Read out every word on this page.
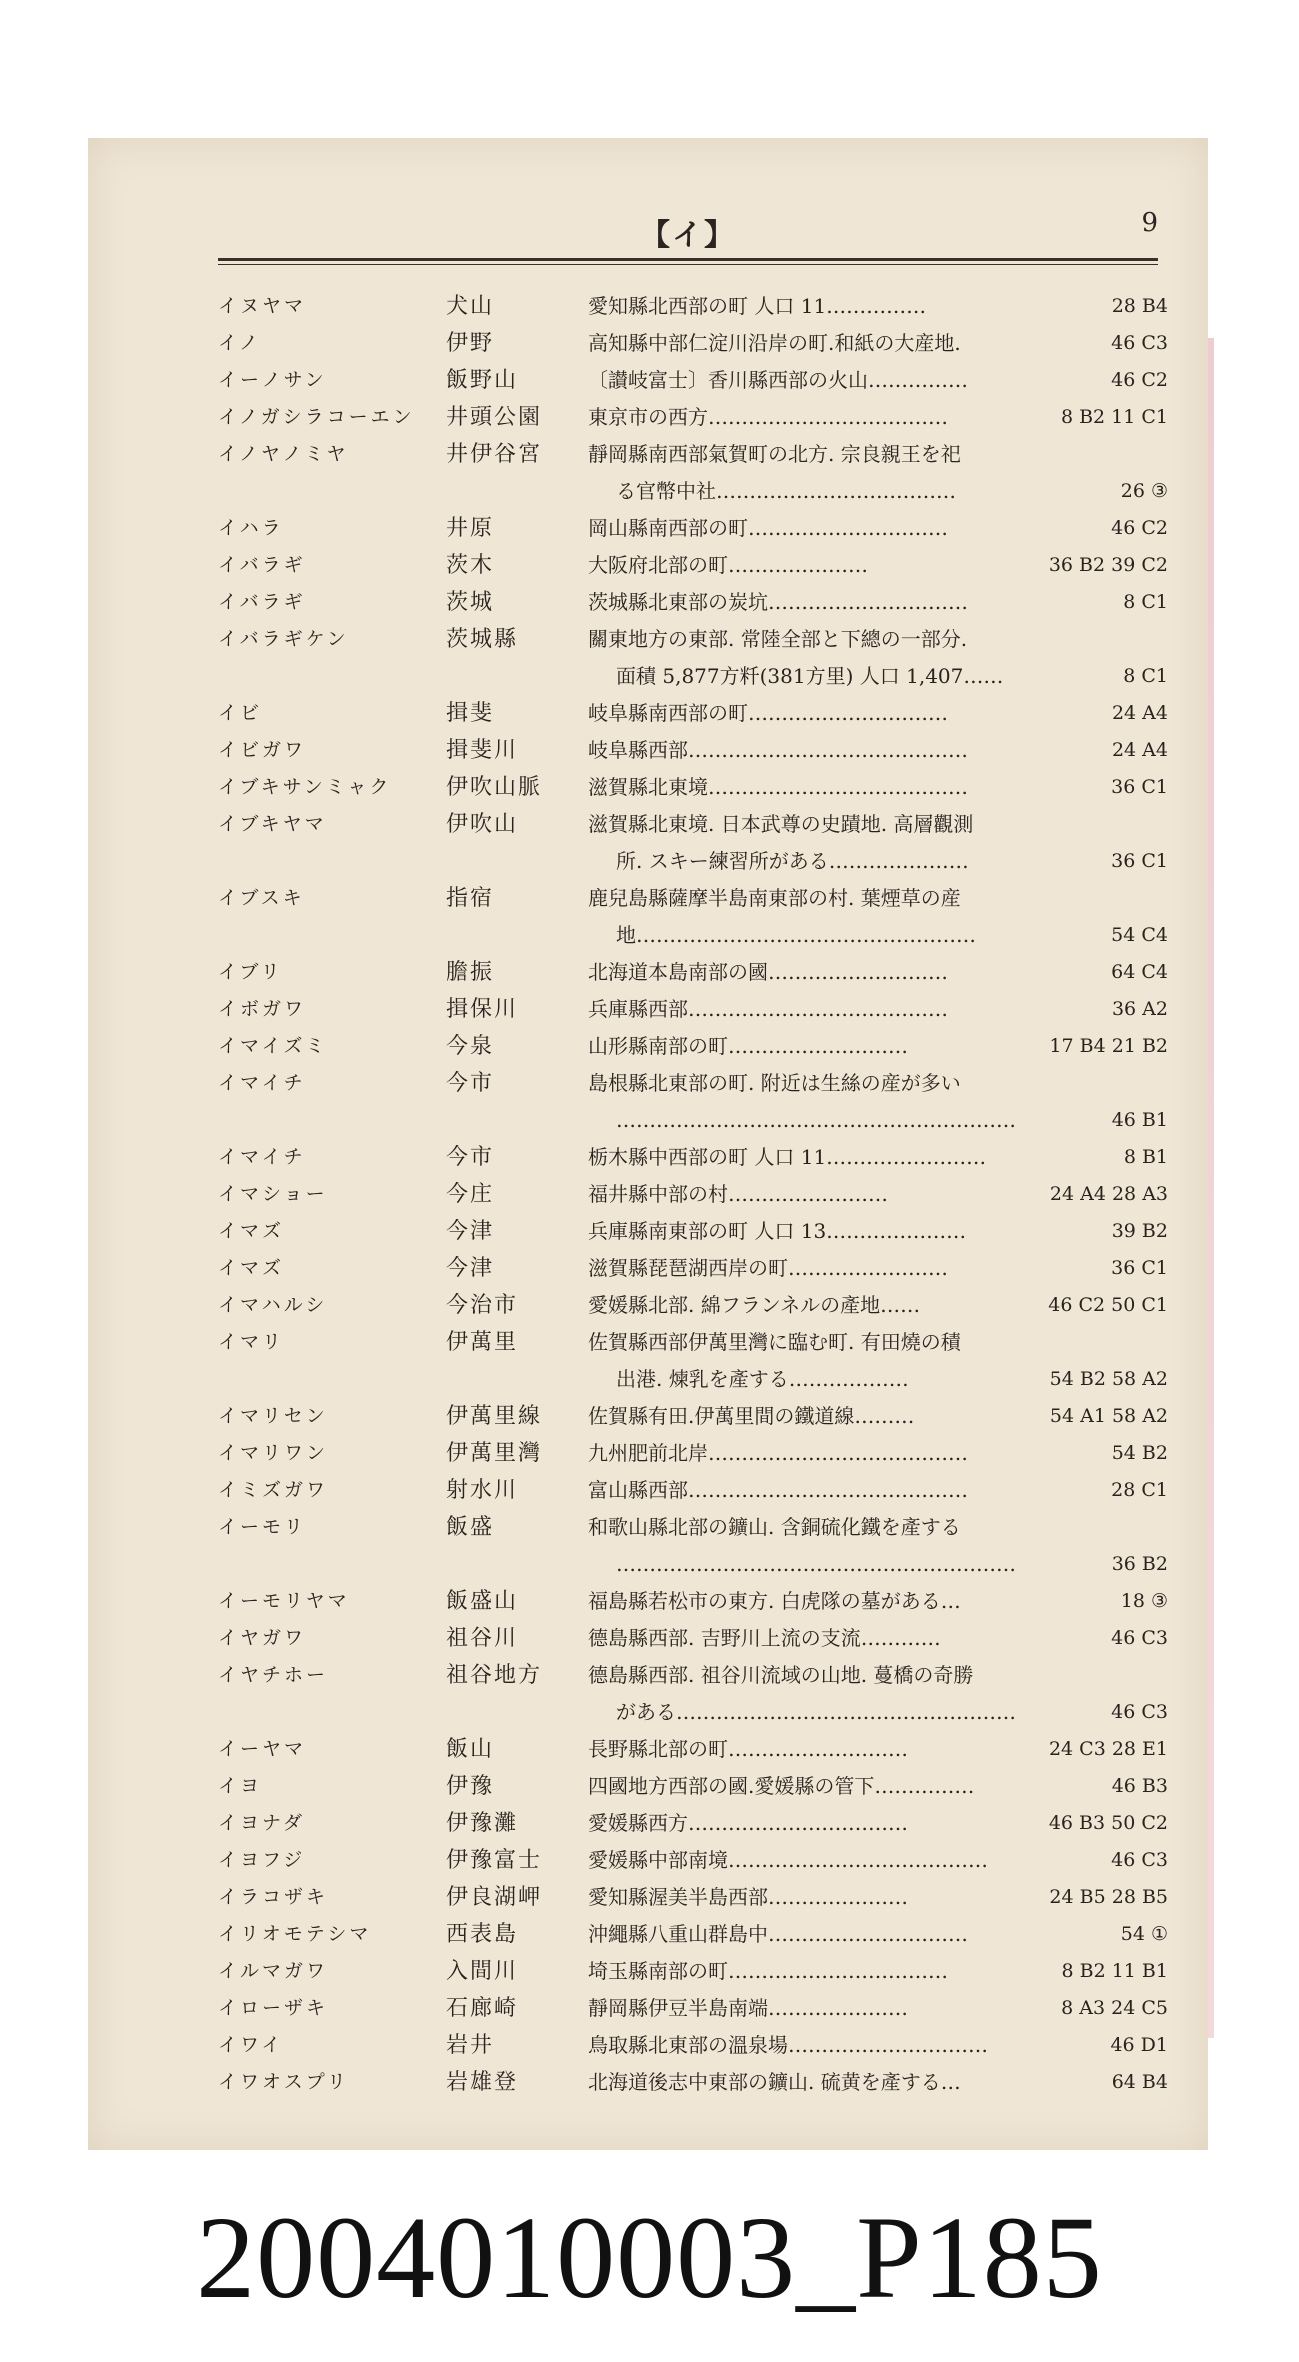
【イ】	9
イヌヤマ	犬山	愛知縣北西部の町 人口 11……………	28 B4
イノ	伊野	高知縣中部仁淀川沿岸の町.和紙の大産地.	46 C3
イーノサン	飯野山	〔讃岐富士〕香川縣西部の火山……………	46 C2
イノガシラコーエン	井頭公園	東京市の西方………………………………	8 B2 11 C1
イノヤノミヤ	井伊谷宮	靜岡縣南西部氣賀町の北方. 宗良親王を祀
る官幣中社………………………………	26 ③
イハラ	井原	岡山縣南西部の町…………………………	46 C2
イバラギ	茨木	大阪府北部の町…………………	36 B2 39 C2
イバラギ	茨城	茨城縣北東部の炭坑…………………………	8 C1
イバラギケン	茨城縣	關東地方の東部. 常陸全部と下總の一部分.
面積 5,877方粁(381方里) 人口 1,407……	8 C1
イビ	揖斐	岐阜縣南西部の町…………………………	24 A4
イビガワ	揖斐川	岐阜縣西部……………………………………	24 A4
イブキサンミャク	伊吹山脈	滋賀縣北東境…………………………………	36 C1
イブキヤマ	伊吹山	滋賀縣北東境. 日本武尊の史蹟地. 高層觀測
所. スキー練習所がある…………………	36 C1
イブスキ	指宿	鹿兒島縣薩摩半島南東部の村. 葉煙草の産
地……………………………………………	54 C4
イブリ	膽振	北海道本島南部の國………………………	64 C4
イボガワ	揖保川	兵庫縣西部…………………………………	36 A2
イマイズミ	今泉	山形縣南部の町………………………	17 B4 21 B2
イマイチ	今市	島根縣北東部の町. 附近は生絲の産が多い
……………………………………………………	46 B1
イマイチ	今市	栃木縣中西部の町 人口 11……………………	8 B1
イマショー	今庄	福井縣中部の村……………………	24 A4 28 A3
イマズ	今津	兵庫縣南東部の町 人口 13…………………	39 B2
イマズ	今津	滋賀縣琵琶湖西岸の町……………………	36 C1
イマハルシ	今治市	愛媛縣北部. 綿フランネルの產地……	46 C2 50 C1
イマリ	伊萬里	佐賀縣西部伊萬里灣に臨む町. 有田燒の積
出港. 煉乳を產する………………	54 B2 58 A2
イマリセン	伊萬里線	佐賀縣有田.伊萬里間の鐵道線………	54 A1 58 A2
イマリワン	伊萬里灣	九州肥前北岸…………………………………	54 B2
イミズガワ	射水川	富山縣西部……………………………………	28 C1
イーモリ	飯盛	和歌山縣北部の鑛山. 含銅硫化鐵を產する
……………………………………………………	36 B2
イーモリヤマ	飯盛山	福島縣若松市の東方. 白虎隊の墓がある…	18 ③
イヤガワ	祖谷川	德島縣西部. 吉野川上流の支流…………	46 C3
イヤチホー	祖谷地方	德島縣西部. 祖谷川流域の山地. 蔓橋の奇勝
がある……………………………………………	46 C3
イーヤマ	飯山	長野縣北部の町………………………	24 C3 28 E1
イヨ	伊豫	四國地方西部の國.愛媛縣の管下……………	46 B3
イヨナダ	伊豫灘	愛媛縣西方……………………………	46 B3 50 C2
イヨフジ	伊豫富士	愛媛縣中部南境…………………………………	46 C3
イラコザキ	伊良湖岬	愛知縣渥美半島西部…………………	24 B5 28 B5
イリオモテシマ	西表島	沖繩縣八重山群島中…………………………	54 ①
イルマガワ	入間川	埼玉縣南部の町……………………………	8 B2 11 B1
イローザキ	石廊崎	靜岡縣伊豆半島南端…………………	8 A3 24 C5
イワイ	岩井	鳥取縣北東部の溫泉場…………………………	46 D1
イワオスプリ	岩雄登	北海道後志中東部の鑛山. 硫黄を產する…	64 B4
2004010003_P185
